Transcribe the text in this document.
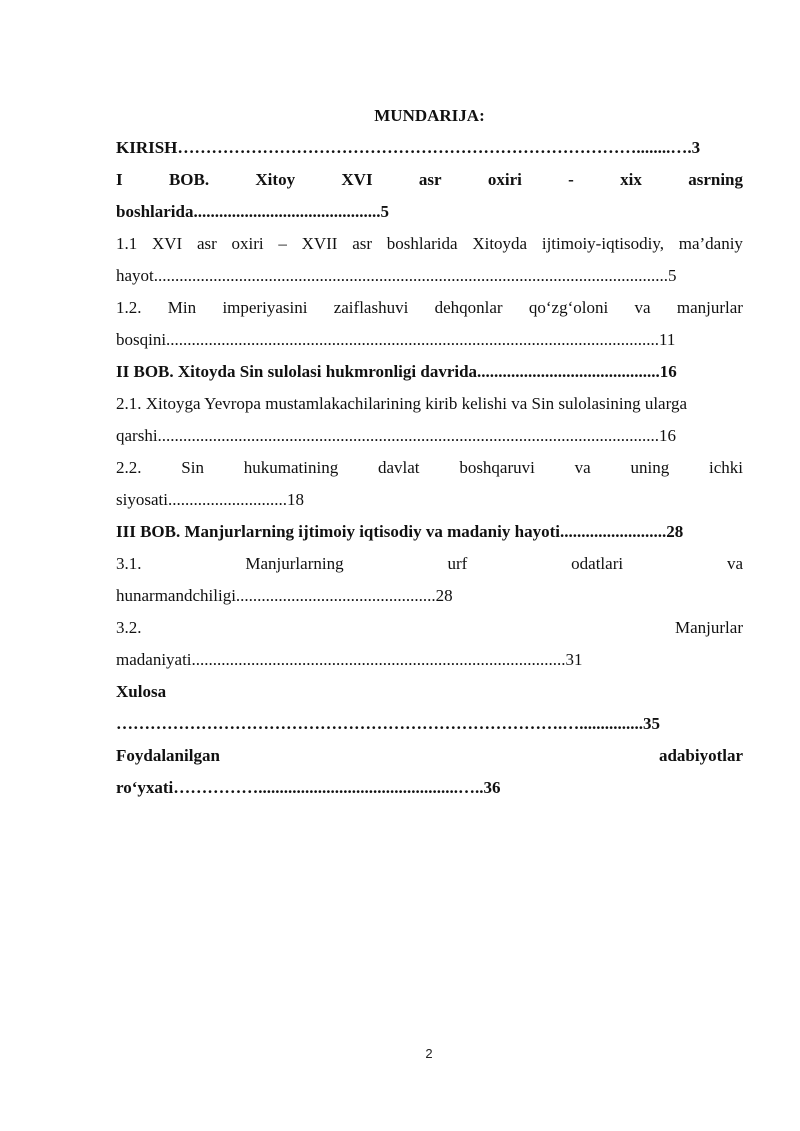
MUNDARIJA:
KIRISH………………………………………………………………………........….3
I	BOB.	Xitoy	XVI	asr	oxiri	-	xix	asrning
boshlarida............................................5
1.1 XVI asr oxiri – XVII asr boshlarida Xitoyda ijtimoiy-iqtisodiy, ma’daniy
hayot.........................................................................................................................5
1.2. Min imperiyasini zaiflashuvi dehqonlar qo‘zg‘oloni va manjurlar
bosqini....................................................................................................................11
II BOB. Xitoyda Sin sulolasi hukmronligi davrida...........................................16
2.1. Xitoyga Yevropa mustamlakachilarining kirib kelishi va Sin sulolasining ularga
qarshi......................................................................................................................16
2.2. Sin hukumatining davlat boshqaruvi va uning ichki
siyosati............................18
III BOB. Manjurlarning ijtimoiy iqtisodiy va madaniy hayoti.........................28
3.1.	Manjurlarning	urf	odatlari	va
hunarmandchiligi...............................................28
3.2.	Manjurlar
madaniyati........................................................................................31
Xulosa
…………………………………………………………………….…...............35
Foydalanilgan	adabiyotlar
ro‘yxati……………...............................................…..36
2
